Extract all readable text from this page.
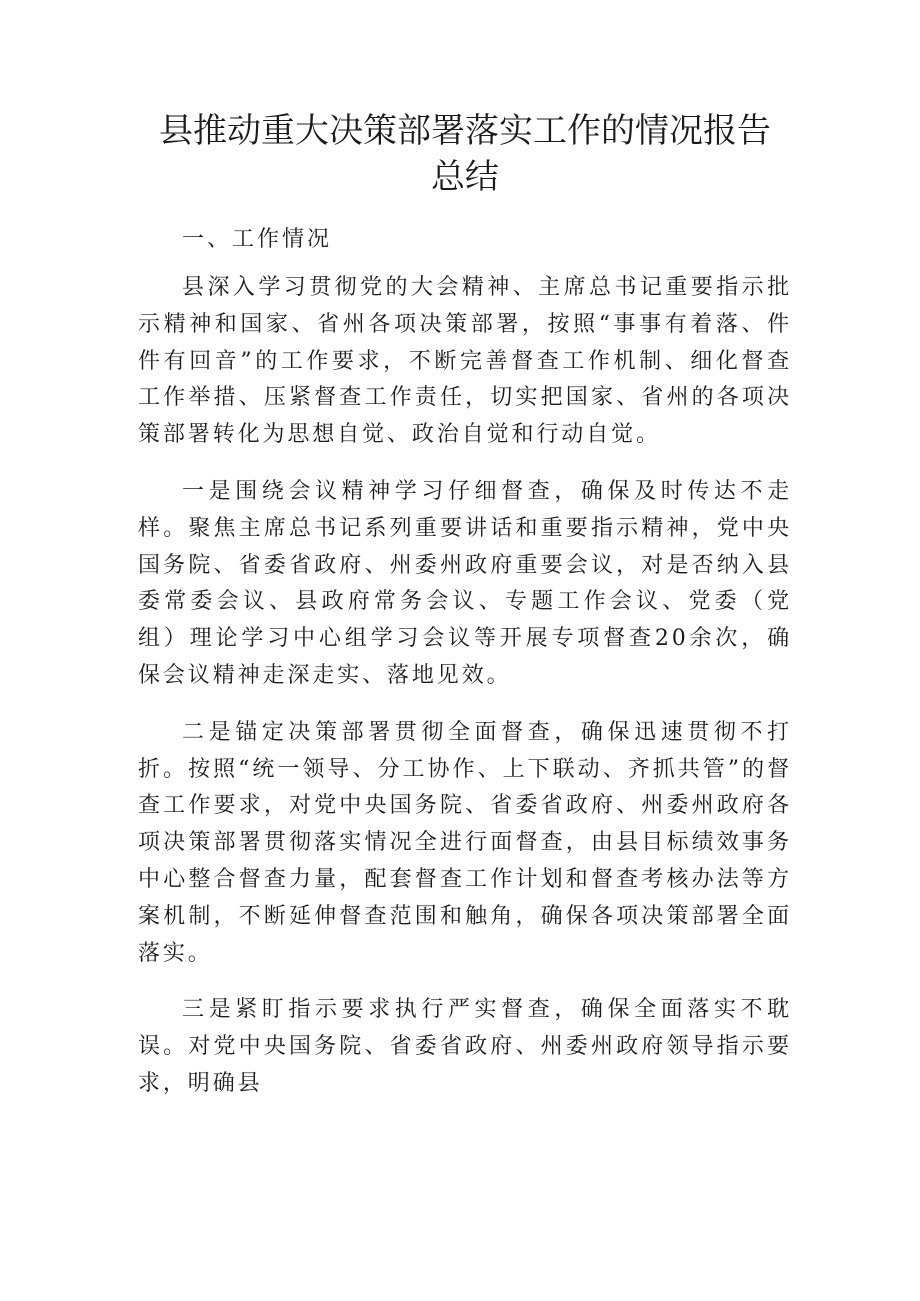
县推动重大决策部署落实工作的情况报告
总结

一、工作情况

县深入学习贯彻党的大会精神、主席总书记重要指示批示精神和国家、省州各项决策部署，按照“事事有着落、件件有回音”的工作要求，不断完善督查工作机制、细化督查工作举措、压紧督查工作责任，切实把国家、省州的各项决策部署转化为思想自觉、政治自觉和行动自觉。

一是围绕会议精神学习仔细督查，确保及时传达不走样。聚焦主席总书记系列重要讲话和重要指示精神，党中央国务院、省委省政府、州委州政府重要会议，对是否纳入县委常委会议、县政府常务会议、专题工作会议、党委（党组）理论学习中心组学习会议等开展专项督查20余次，确保会议精神走深走实、落地见效。

二是锚定决策部署贯彻全面督查，确保迅速贯彻不打折。按照“统一领导、分工协作、上下联动、齐抓共管”的督查工作要求，对党中央国务院、省委省政府、州委州政府各项决策部署贯彻落实情况全进行面督查，由县目标绩效事务中心整合督查力量，配套督查工作计划和督查考核办法等方案机制，不断延伸督查范围和触角，确保各项决策部署全面落实。

三是紧盯指示要求执行严实督查，确保全面落实不耽误。对党中央国务院、省委省政府、州委州政府领导指示要求，明确县
